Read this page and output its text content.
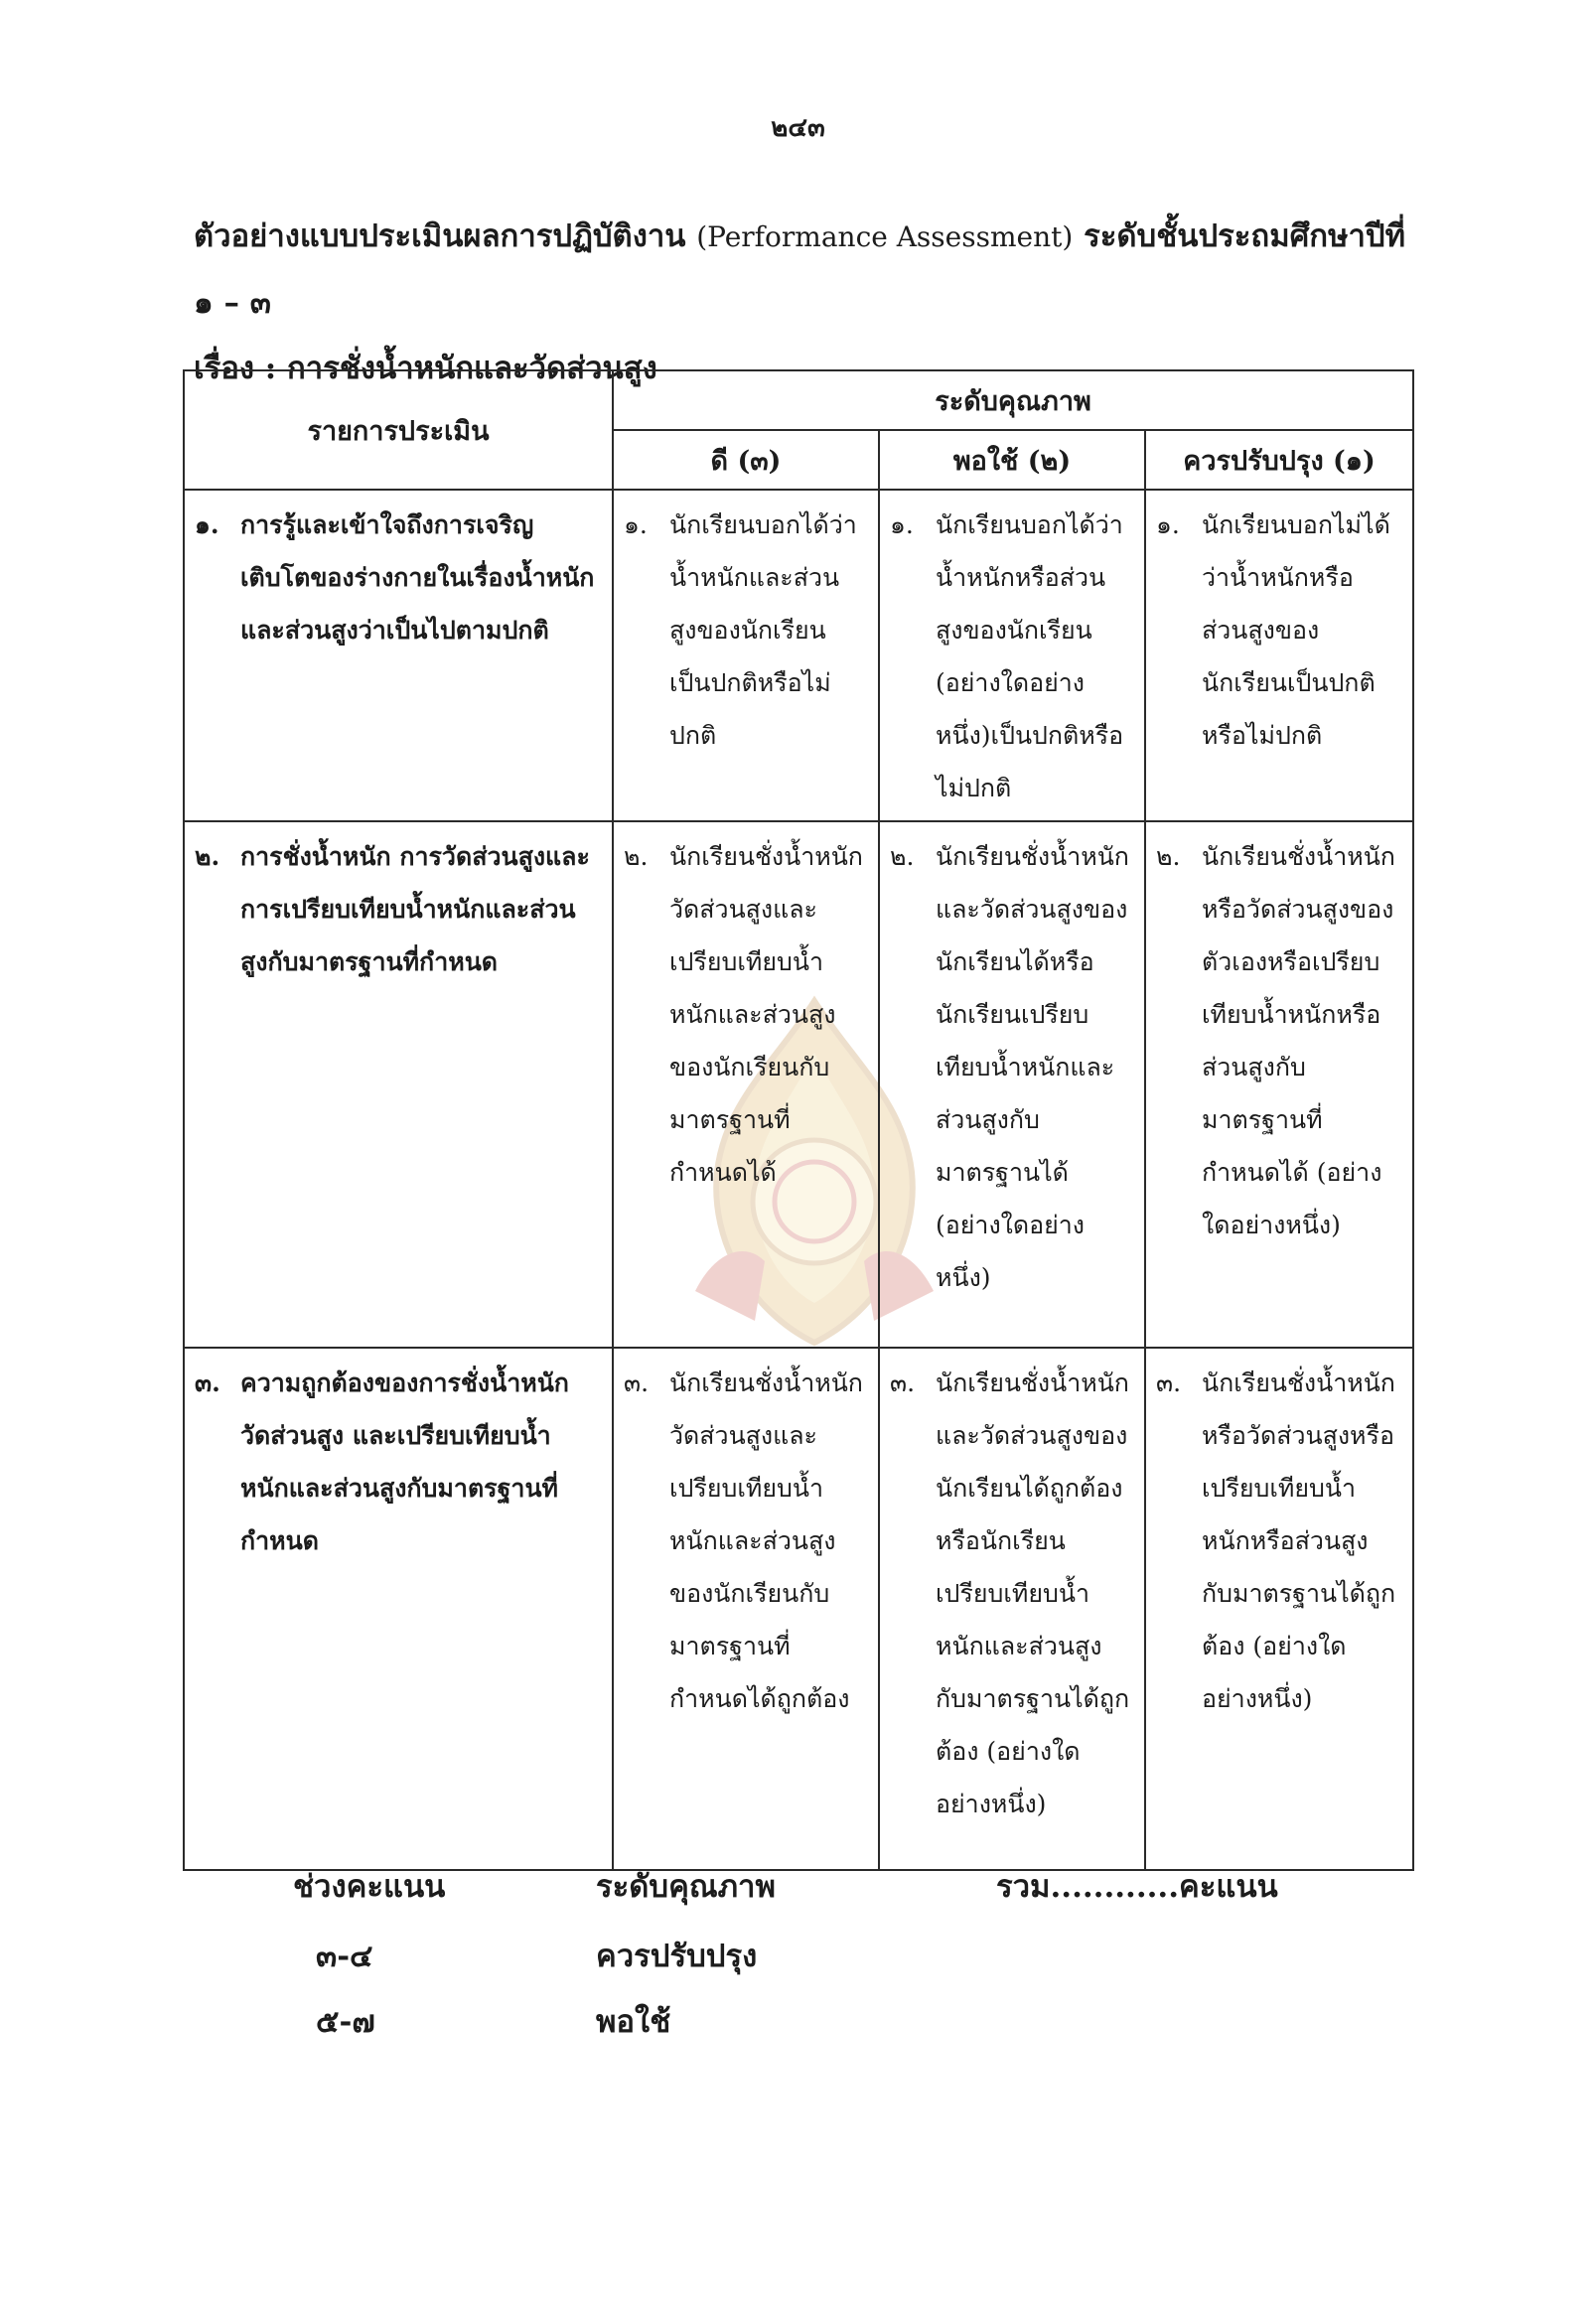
๒๔๓
ตัวอย่างแบบประเมินผลการปฏิบัติงาน (Performance Assessment) ระดับชั้นประถมศึกษาปีที่ ๑ – ๓
เรื่อง : การชั่งน้ำหนักและวัดส่วนสูง
รายการประเมิน	ระดับคุณภาพ		
	ดี (๓)	พอใช้ (๒)	ควรปรับปรุง (๑)

๑. การรู้และเข้าใจถึงการเจริญเติบโตของร่างกายในเรื่องน้ำหนักและส่วนสูงว่าเป็นไปตามปกติ	๑. นักเรียนบอกได้ว่าน้ำหนักและส่วนสูงของนักเรียนเป็นปกติหรือไม่ปกติ	๑. นักเรียนบอกได้ว่าน้ำหนักหรือส่วนสูงของนักเรียน (อย่างใดอย่างหนึ่ง)เป็นปกติหรือไม่ปกติ	๑. นักเรียนบอกไม่ได้ว่าน้ำหนักหรือส่วนสูงของนักเรียนเป็นปกติหรือไม่ปกติ

๒. การชั่งน้ำหนัก การวัดส่วนสูงและการเปรียบเทียบน้ำหนักและส่วนสูงกับมาตรฐานที่กำหนด	๒. นักเรียนชั่งน้ำหนักวัดส่วนสูงและเปรียบเทียบน้ำหนักและส่วนสูงของนักเรียนกับมาตรฐานที่กำหนดได้	๒. นักเรียนชั่งน้ำหนักและวัดส่วนสูงของนักเรียนได้หรือนักเรียนเปรียบเทียบน้ำหนักและส่วนสูงกับมาตรฐานได้ (อย่างใดอย่างหนึ่ง)	๒. นักเรียนชั่งน้ำหนักหรือวัดส่วนสูงของตัวเองหรือเปรียบเทียบน้ำหนักหรือส่วนสูงกับมาตรฐานที่กำหนดได้ (อย่างใดอย่างหนึ่ง)

๓. ความถูกต้องของการชั่งน้ำหนักวัดส่วนสูง และเปรียบเทียบน้ำหนักและส่วนสูงกับมาตรฐานที่กำหนด	๓. นักเรียนชั่งน้ำหนักวัดส่วนสูงและเปรียบเทียบน้ำหนักและส่วนสูงของนักเรียนกับมาตรฐานที่กำหนดได้ถูกต้อง	๓. นักเรียนชั่งน้ำหนักและวัดส่วนสูงของนักเรียนได้ถูกต้องหรือนักเรียนเปรียบเทียบน้ำหนักและส่วนสูงกับมาตรฐานได้ถูกต้อง (อย่างใดอย่างหนึ่ง)	๓. นักเรียนชั่งน้ำหนักหรือวัดส่วนสูงหรือเปรียบเทียบน้ำหนักหรือส่วนสูงกับมาตรฐานได้ถูกต้อง (อย่างใดอย่างหนึ่ง)
ช่วงคะแนน	ระดับคุณภาพ	รวม............คะแนน
๓-๔	ควรปรับปรุง
๕-๗	พอใช้
